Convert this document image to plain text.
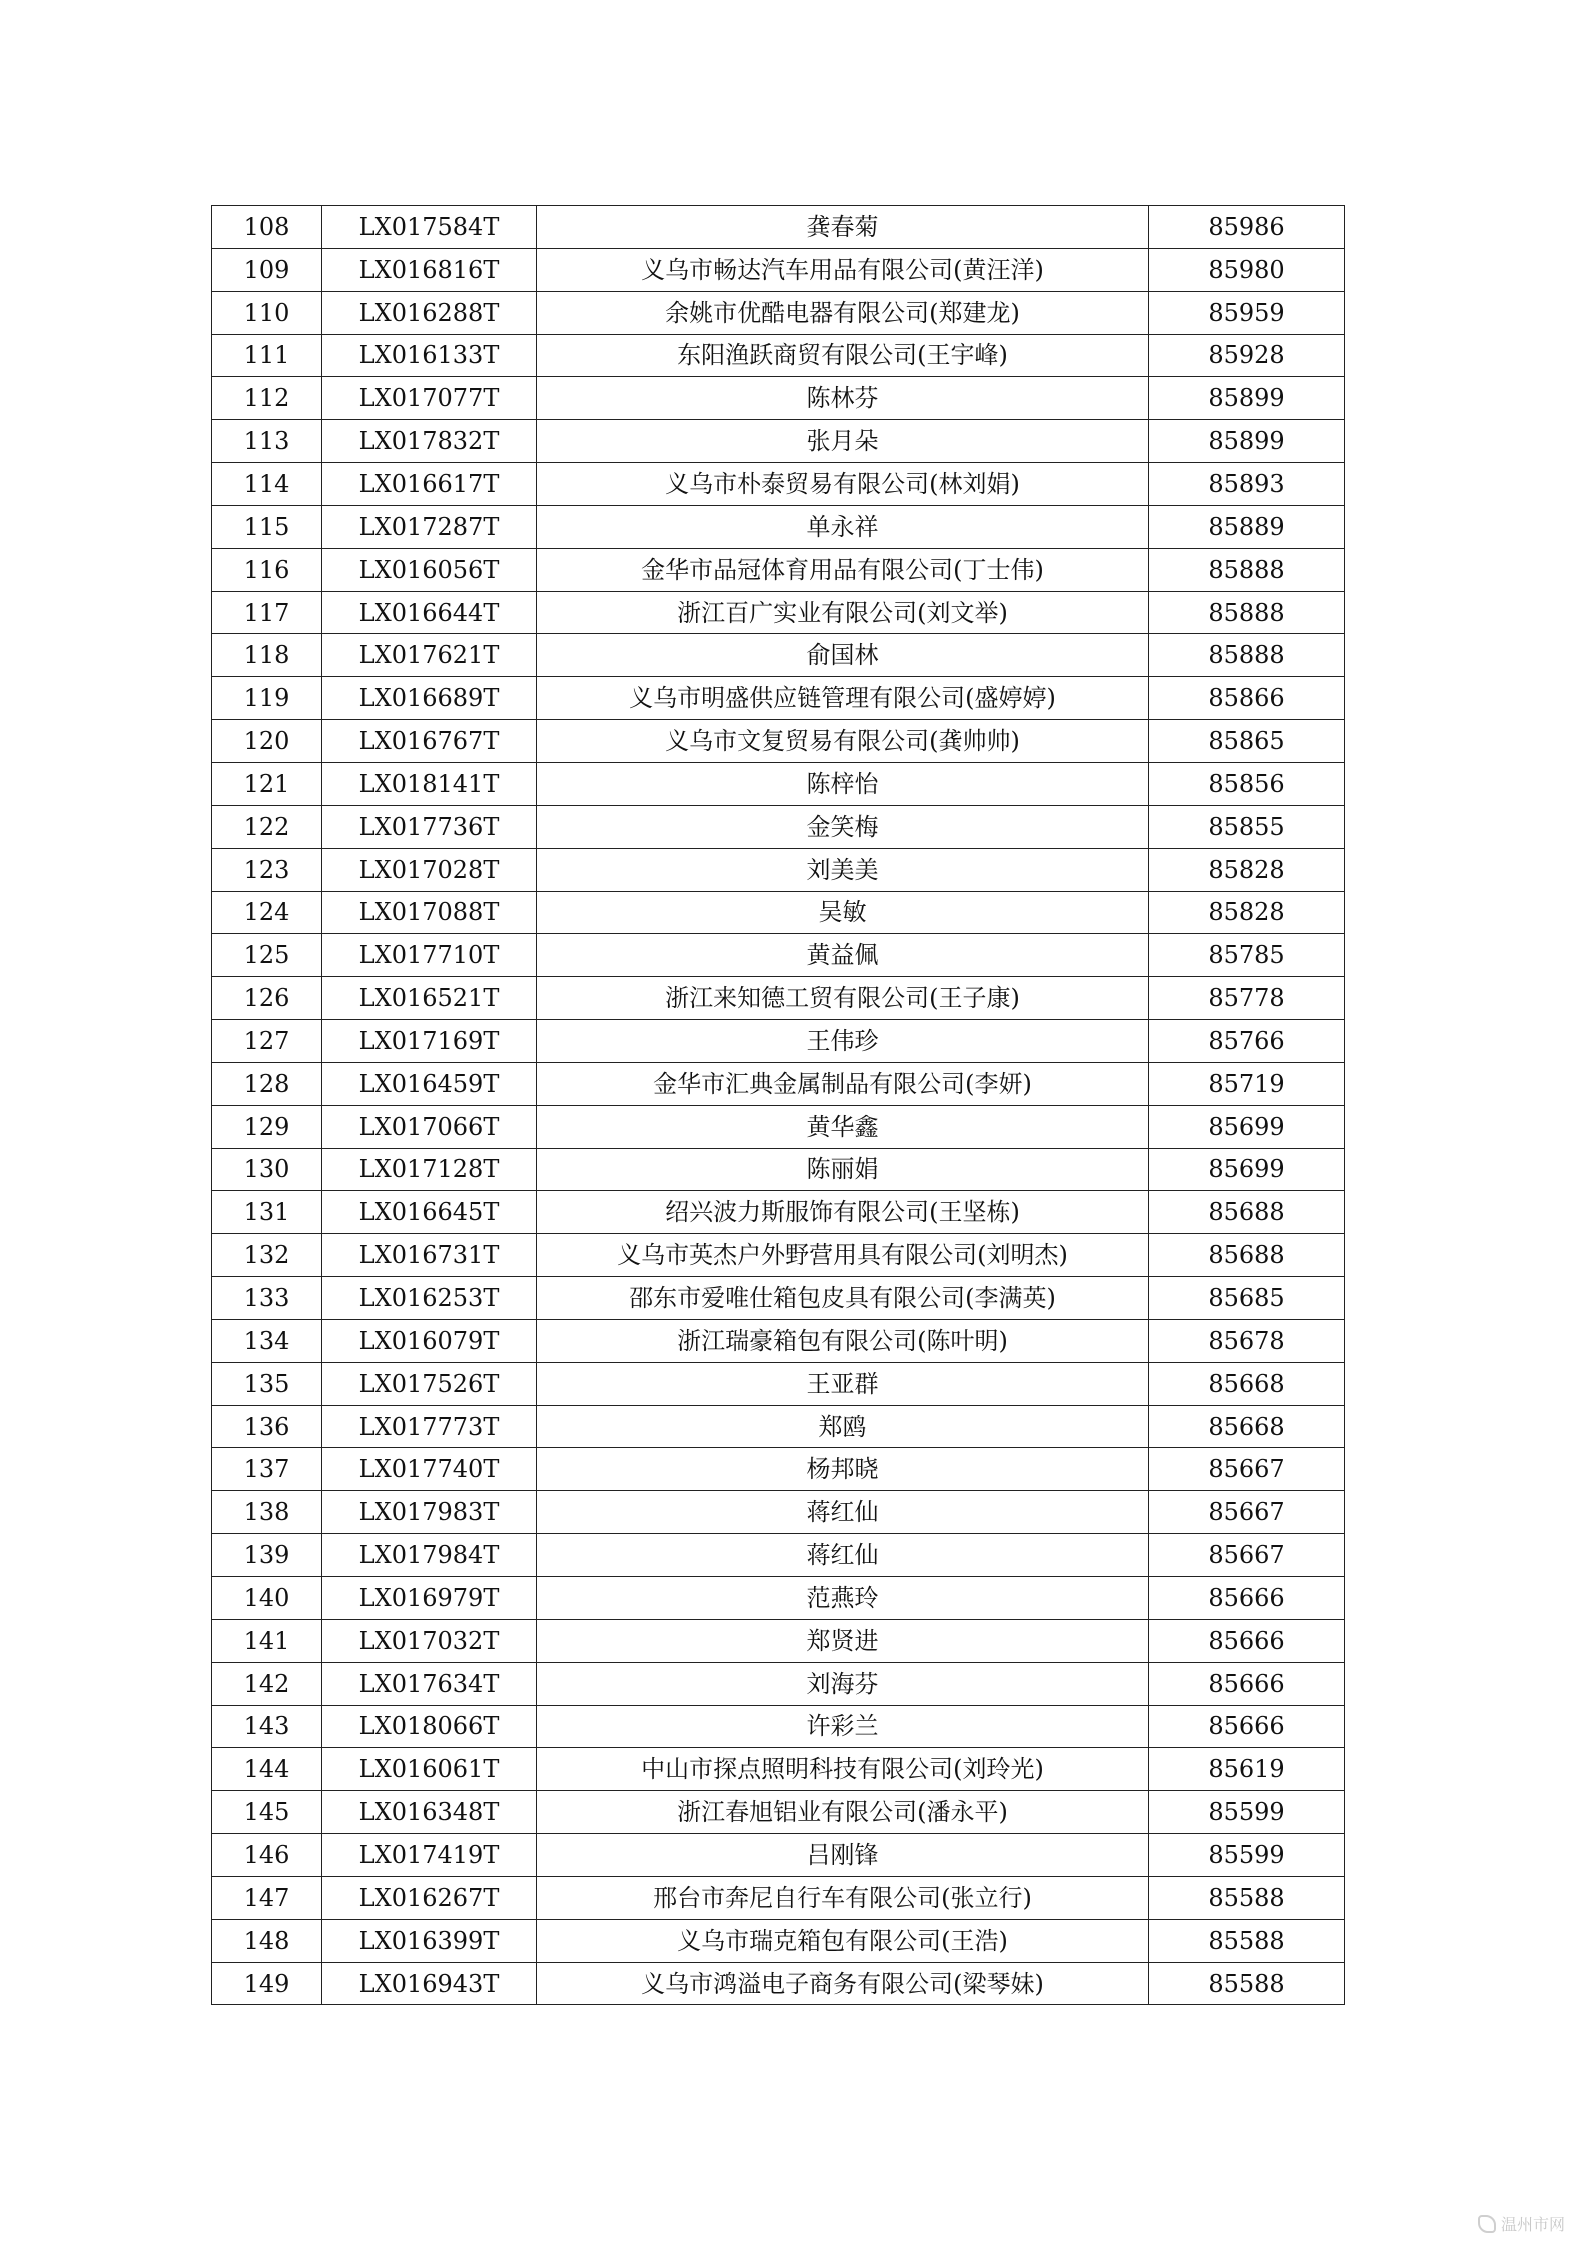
108	LX017584T	龚春菊	85986
109	LX016816T	义乌市畅达汽车用品有限公司(黄汪洋)	85980
110	LX016288T	余姚市优酷电器有限公司(郑建龙)	85959
111	LX016133T	东阳渔跃商贸有限公司(王宇峰)	85928
112	LX017077T	陈林芬	85899
113	LX017832T	张月朵	85899
114	LX016617T	义乌市朴泰贸易有限公司(林刘娟)	85893
115	LX017287T	单永祥	85889
116	LX016056T	金华市品冠体育用品有限公司(丁士伟)	85888
117	LX016644T	浙江百广实业有限公司(刘文举)	85888
118	LX017621T	俞国林	85888
119	LX016689T	义乌市明盛供应链管理有限公司(盛婷婷)	85866
120	LX016767T	义乌市文复贸易有限公司(龚帅帅)	85865
121	LX018141T	陈梓怡	85856
122	LX017736T	金笑梅	85855
123	LX017028T	刘美美	85828
124	LX017088T	吴敏	85828
125	LX017710T	黄益佩	85785
126	LX016521T	浙江来知德工贸有限公司(王子康)	85778
127	LX017169T	王伟珍	85766
128	LX016459T	金华市汇典金属制品有限公司(李妍)	85719
129	LX017066T	黄华鑫	85699
130	LX017128T	陈丽娟	85699
131	LX016645T	绍兴波力斯服饰有限公司(王坚栋)	85688
132	LX016731T	义乌市英杰户外野营用具有限公司(刘明杰)	85688
133	LX016253T	邵东市爱唯仕箱包皮具有限公司(李满英)	85685
134	LX016079T	浙江瑞豪箱包有限公司(陈叶明)	85678
135	LX017526T	王亚群	85668
136	LX017773T	郑鸥	85668
137	LX017740T	杨邦晓	85667
138	LX017983T	蒋红仙	85667
139	LX017984T	蒋红仙	85667
140	LX016979T	范燕玲	85666
141	LX017032T	郑贤进	85666
142	LX017634T	刘海芬	85666
143	LX018066T	许彩兰	85666
144	LX016061T	中山市探点照明科技有限公司(刘玲光)	85619
145	LX016348T	浙江春旭铝业有限公司(潘永平)	85599
146	LX017419T	吕刚锋	85599
147	LX016267T	邢台市奔尼自行车有限公司(张立行)	85588
148	LX016399T	义乌市瑞克箱包有限公司(王浩)	85588
149	LX016943T	义乌市鸿溢电子商务有限公司(梁琴妹)	85588
温州市网
